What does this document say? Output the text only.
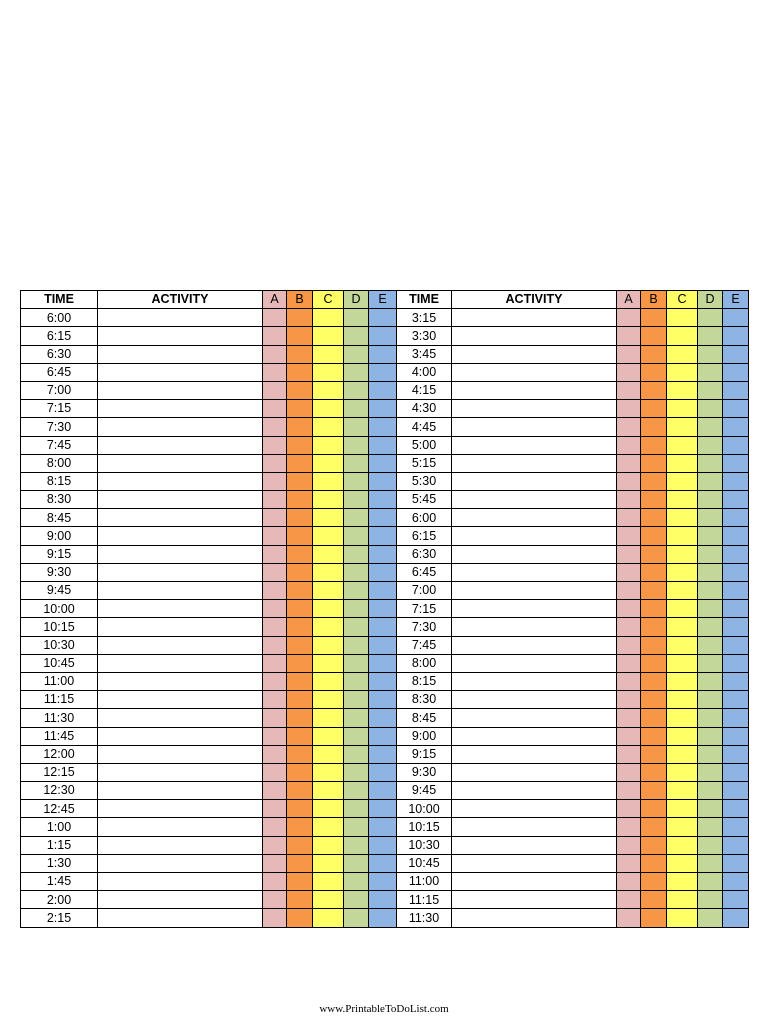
TIME	ACTIVITY	A	B	C	D	E	TIME	ACTIVITY	A	B	C	D	E
6:00							3:15						
6:15							3:30						
6:30							3:45						
6:45							4:00						
7:00							4:15						
7:15							4:30						
7:30							4:45						
7:45							5:00						
8:00							5:15						
8:15							5:30						
8:30							5:45						
8:45							6:00						
9:00							6:15						
9:15							6:30						
9:30							6:45						
9:45							7:00						
10:00							7:15						
10:15							7:30						
10:30							7:45						
10:45							8:00						
11:00							8:15						
11:15							8:30						
11:30							8:45						
11:45							9:00						
12:00							9:15						
12:15							9:30						
12:30							9:45						
12:45							10:00						
1:00							10:15						
1:15							10:30						
1:30							10:45						
1:45							11:00						
2:00							11:15						
2:15							11:30						
www.PrintableToDoList.com
